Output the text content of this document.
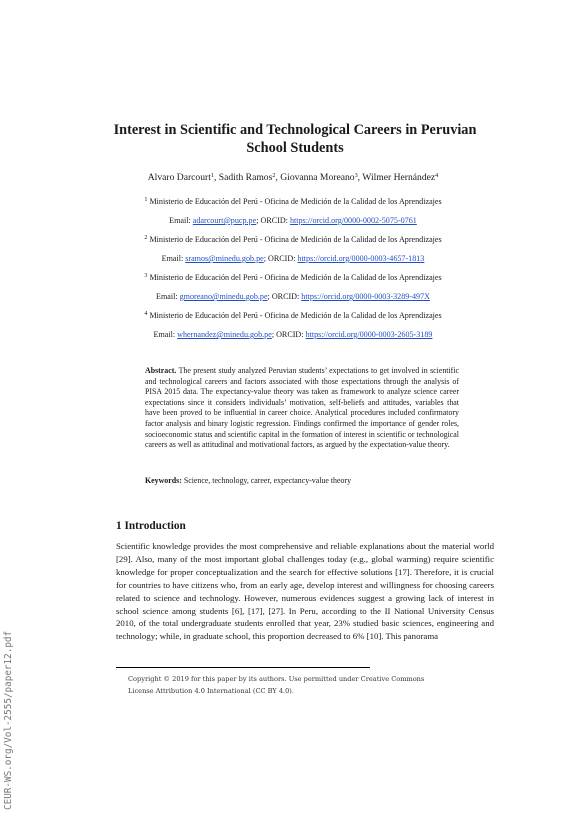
CEUR-WS.org/Vol-2555/paper12.pdf
Interest in Scientific and Technological Careers in Peruvian
School Students
Alvaro Darcourt$^1$, Sadith Ramos$^2$, Giovanna Moreano$^3$, Wilmer Hernández$^4$
$^1$ Ministerio de Educación del Perú - Oficina de Medición de la Calidad de los Aprendizajes
Email: adarcourt@pucp.pe; ORCID: https://orcid.org/0000-0002-5075-0761
$^2$ Ministerio de Educación del Perú - Oficina de Medición de la Calidad de los Aprendizajes
Email: sramos@minedu.gob.pe; ORCID: https://orcid.org/0000-0003-4657-1813
$^3$ Ministerio de Educación del Perú - Oficina de Medición de la Calidad de los Aprendizajes
Email: gmoreano@minedu.gob.pe; ORCID: https://orcid.org/0000-0003-3289-497X
$^4$ Ministerio de Educación del Perú - Oficina de Medición de la Calidad de los Aprendizajes
Email: whernandez@minedu.gob.pe; ORCID: https://orcid.org/0000-0003-2605-3189

Abstract. The present study analyzed Peruvian students’ expectations to get involved in scientific and technological careers and factors associated with those expectations through the analysis of PISA 2015 data. The expectancy-value theory was taken as framework to analyze science career expectations since it considers individuals’ motivation, self-beliefs and attitudes, variables that have been proved to be influential in career choice. Analytical procedures included confirmatory factor analysis and binary logistic regression. Findings confirmed the importance of gender roles, socioeconomic status and scientific capital in the formation of interest in scientific or technological careers as well as attitudinal and motivational factors, as argued by the expectation-value theory.

Keywords: Science, technology, career, expectancy-value theory

1 Introduction

Scientific knowledge provides the most comprehensive and reliable explanations about the material world [29]. Also, many of the most important global challenges today (e.g., global warming) require scientific knowledge for proper conceptualization and the search for effective solutions [17]. Therefore, it is crucial for countries to have citizens who, from an early age, develop interest and willingness for choosing careers related to science and technology. However, numerous evidences suggest a growing lack of interest in school science among students [6], [17], [27]. In Peru, according to the II National University Census 2010, of the total undergraduate students enrolled that year, 23% studied basic sciences, engineering and technology; while, in graduate school, this proportion decreased to 6% [10]. This panorama

Copyright © 2019 for this paper by its authors. Use permitted under Creative Commons
License Attribution 4.0 International (CC BY 4.0).
